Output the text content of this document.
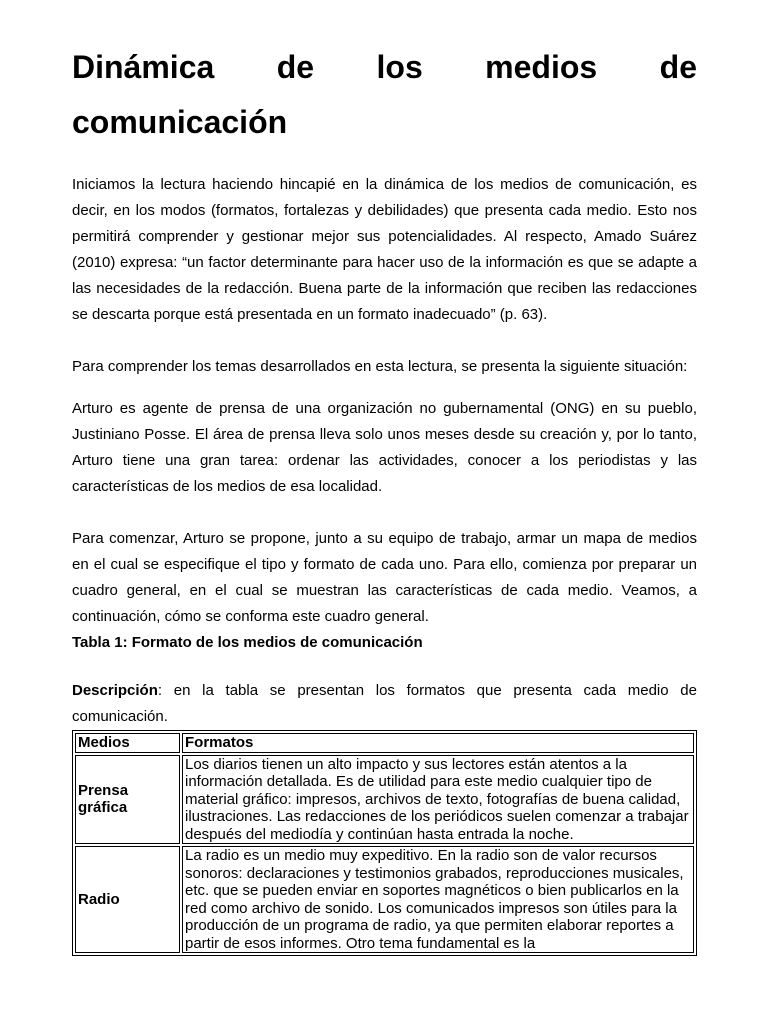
Dinámica de los medios de comunicación

Iniciamos la lectura haciendo hincapié en la dinámica de los medios de comunicación, es decir, en los modos (formatos, fortalezas y debilidades) que presenta cada medio. Esto nos permitirá comprender y gestionar mejor sus potencialidades. Al respecto, Amado Suárez (2010) expresa: “un factor determinante para hacer uso de la información es que se adapte a las necesidades de la redacción. Buena parte de la información que reciben las redacciones se descarta porque está presentada en un formato inadecuado” (p. 63).

Para comprender los temas desarrollados en esta lectura, se presenta la siguiente situación:

Arturo es agente de prensa de una organización no gubernamental (ONG) en su pueblo, Justiniano Posse. El área de prensa lleva solo unos meses desde su creación y, por lo tanto, Arturo tiene una gran tarea: ordenar las actividades, conocer a los periodistas y las características de los medios de esa localidad.

Para comenzar, Arturo se propone, junto a su equipo de trabajo, armar un mapa de medios en el cual se especifique el tipo y formato de cada uno. Para ello, comienza por preparar un cuadro general, en el cual se muestran las características de cada medio. Veamos, a continuación, cómo se conforma este cuadro general.

Tabla 1: Formato de los medios de comunicación

Descripción: en la tabla se presentan los formatos que presenta cada medio de comunicación.

Medios	Formatos
Prensa gráfica	Los diarios tienen un alto impacto y sus lectores están atentos a la información detallada. Es de utilidad para este medio cualquier tipo de material gráfico: impresos, archivos de texto, fotografías de buena calidad, ilustraciones. Las redacciones de los periódicos suelen comenzar a trabajar después del mediodía y continúan hasta entrada la noche.
Radio	La radio es un medio muy expeditivo. En la radio son de valor recursos sonoros: declaraciones y testimonios grabados, reproducciones musicales, etc. que se pueden enviar en soportes magnéticos o bien publicarlos en la red como archivo de sonido. Los comunicados impresos son útiles para la producción de un programa de radio, ya que permiten elaborar reportes a partir de esos informes. Otro tema fundamental es la
